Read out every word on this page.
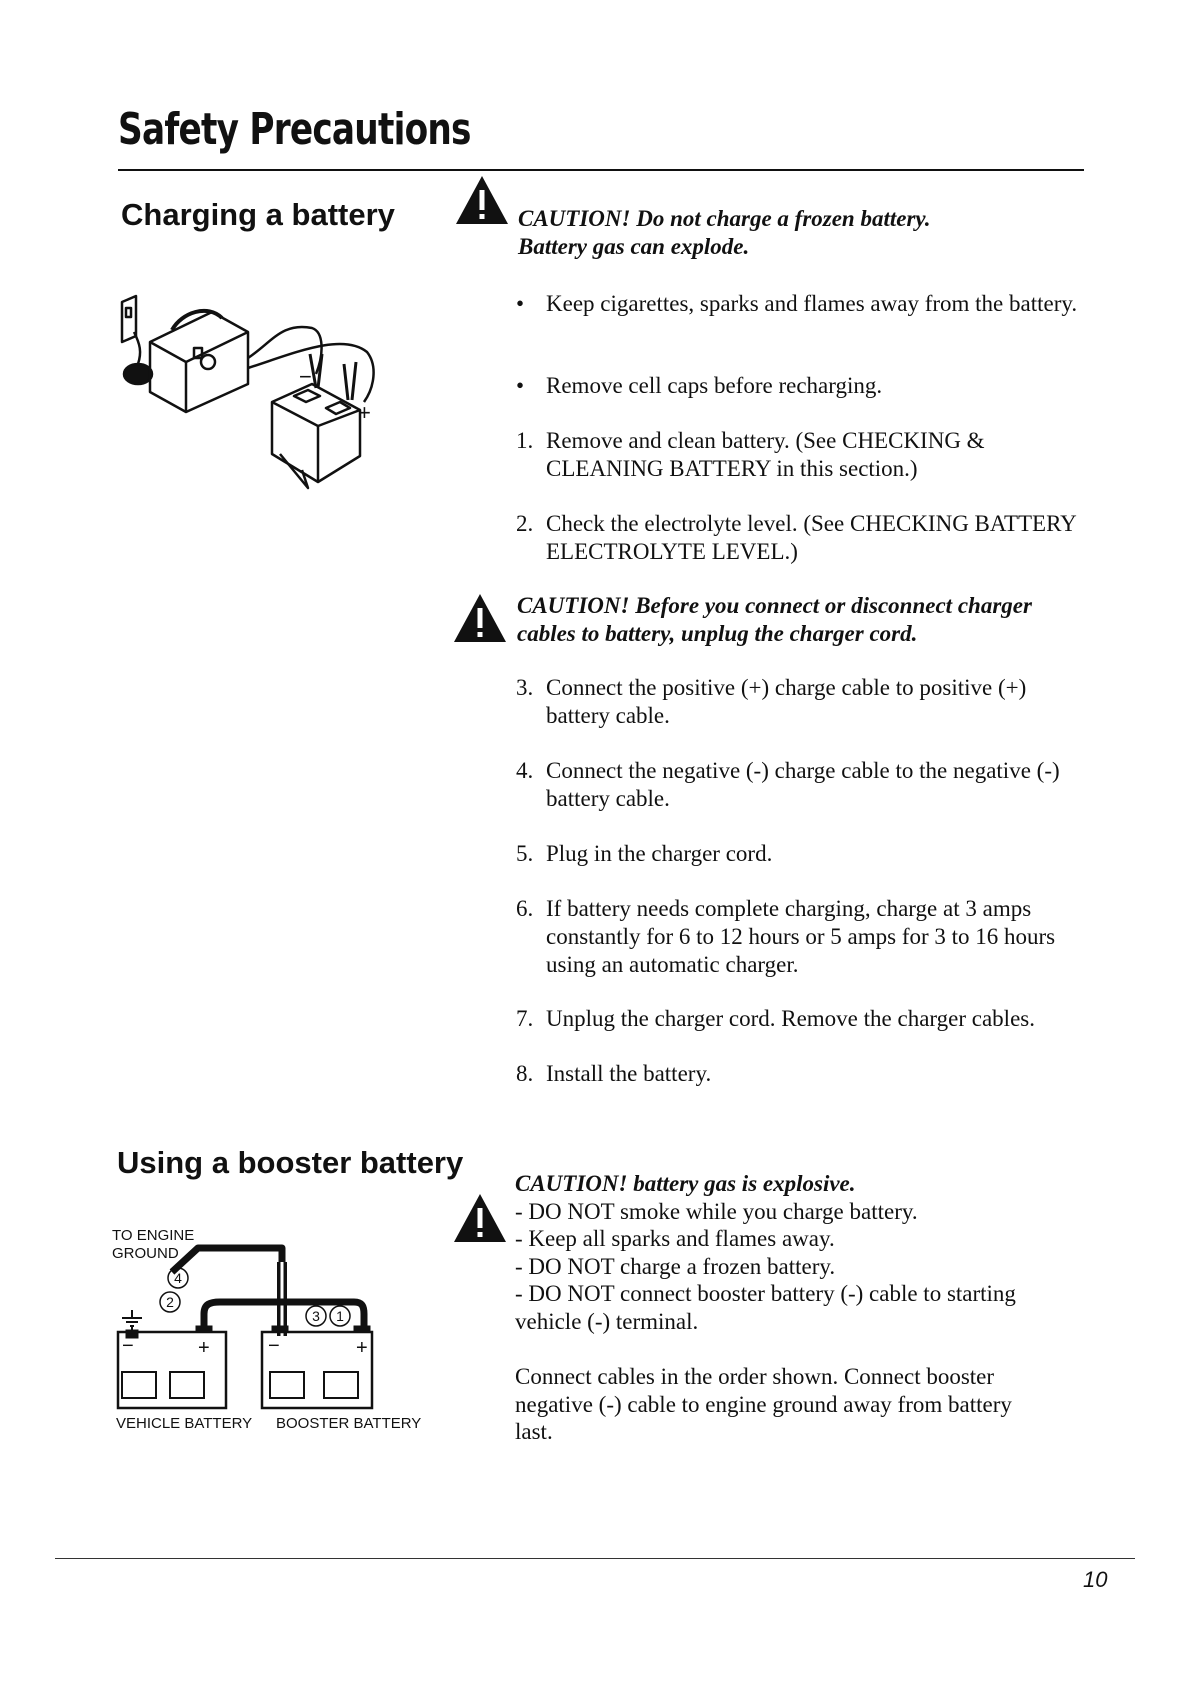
Safety Precautions
Charging a battery	CAUTION! Do not charge a frozen battery.
Battery gas can explode.
−
+
• Keep cigarettes, sparks and flames away from the battery.
• Remove cell caps before recharging.
1. Remove and clean battery. (See CHECKING & CLEANING BATTERY in this section.)
2. Check the electrolyte level. (See CHECKING BATTERY ELECTROLYTE LEVEL.)
CAUTION! Before you connect or disconnect charger
cables to battery, unplug the charger cord.
3. Connect the positive (+) charge cable to positive (+) battery cable.
4. Connect the negative (-) charge cable to the negative (-) battery cable.
5. Plug in the charger cord.
6. If battery needs complete charging, charge at 3 amps constantly for 6 to 12 hours or 5 amps for 3 to 16 hours using an automatic charger.
7. Unplug the charger cord. Remove the charger cables.
8. Install the battery.
Using a booster battery
CAUTION! battery gas is explosive.
- DO NOT smoke while you charge battery.
- Keep all sparks and flames away.
- DO NOT charge a frozen battery.
- DO NOT connect booster battery (-) cable to starting
vehicle (-) terminal.
Connect cables in the order shown. Connect booster
negative (-) cable to engine ground away from battery
last.
TO ENGINE
GROUND
4
2
3 1
−	+	−	+
VEHICLE BATTERY BOOSTER BATTERY
10
